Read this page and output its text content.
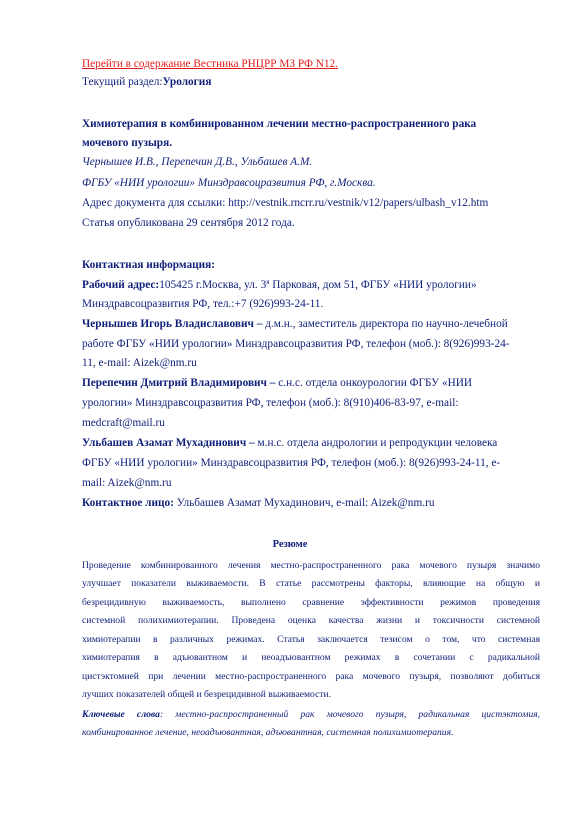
Перейти в содержание Вестника РНЦРР МЗ РФ N12.
Текущий раздел:Урология
Химиотерапия в комбинированном лечении местно-распространенного рака
мочевого пузыря.
Чернышев И.В., Перепечин Д.В., Ульбашев А.М.
ФГБУ «НИИ урологии» Минздравсоцразвития РФ, г.Москва.
Адрес документа для ссылки: http://vestnik.rncrr.ru/vestnik/v12/papers/ulbash_v12.htm
Статья опубликована 29 сентября 2012 года.
Контактная информация:
Рабочий адрес:105425 г.Москва, ул. $3^я$ Парковая, дом 51, ФГБУ «НИИ урологии»
Минздравсоцразвития РФ, тел.:+7 (926)993-24-11.
Чернышев Игорь Владиславович – д.м.н., заместитель директора по научно-лечебной
работе ФГБУ «НИИ урологии» Минздравсоцразвития РФ, телефон (моб.): 8(926)993-24-
11, e-mail: Aizek@nm.ru
Перепечин Дмитрий Владимирович – с.н.с. отдела онкоурологии ФГБУ «НИИ
урологии» Минздравсоцразвития РФ, телефон (моб.): 8(910)406-83-97, e-mail:
medcraft@mail.ru
Ульбашев Азамат Мухадинович – м.н.с. отдела андрологии и репродукции человека
ФГБУ «НИИ урологии» Минздравсоцразвития РФ, телефон (моб.): 8(926)993-24-11, e-
mail: Aizek@nm.ru
Контактное лицо: Ульбашев Азамат Мухадинович, e-mail: Aizek@nm.ru
Резюме
Проведение комбинированного лечения местно-распространенного рака мочевого пузыря значимо
улучшает показатели выживаемости. В статье рассмотрены факторы, влияющие на общую и
безрецидивную выживаемость, выполнено сравнение эффективности режимов проведения
системной полихимиотерапии. Проведена оценка качества жизни и токсичности системной
химиотерапии в различных режимах. Статья заключается тезисом о том, что системная
химиотерапия в адъювантном и неоадъювантном режимах в сочетании с радикальной
цистэктомией при лечении местно-распространенного рака мочевого пузыря, позволяют добиться
лучших показателей общей и безрецидивной выживаемости.
Ключевые слова: местно-распространенный рак мочевого пузыря, радикальная цистэктомия,
комбинированное лечение, неоадъювантная, адъювантная, системная полихимиотерапия.
